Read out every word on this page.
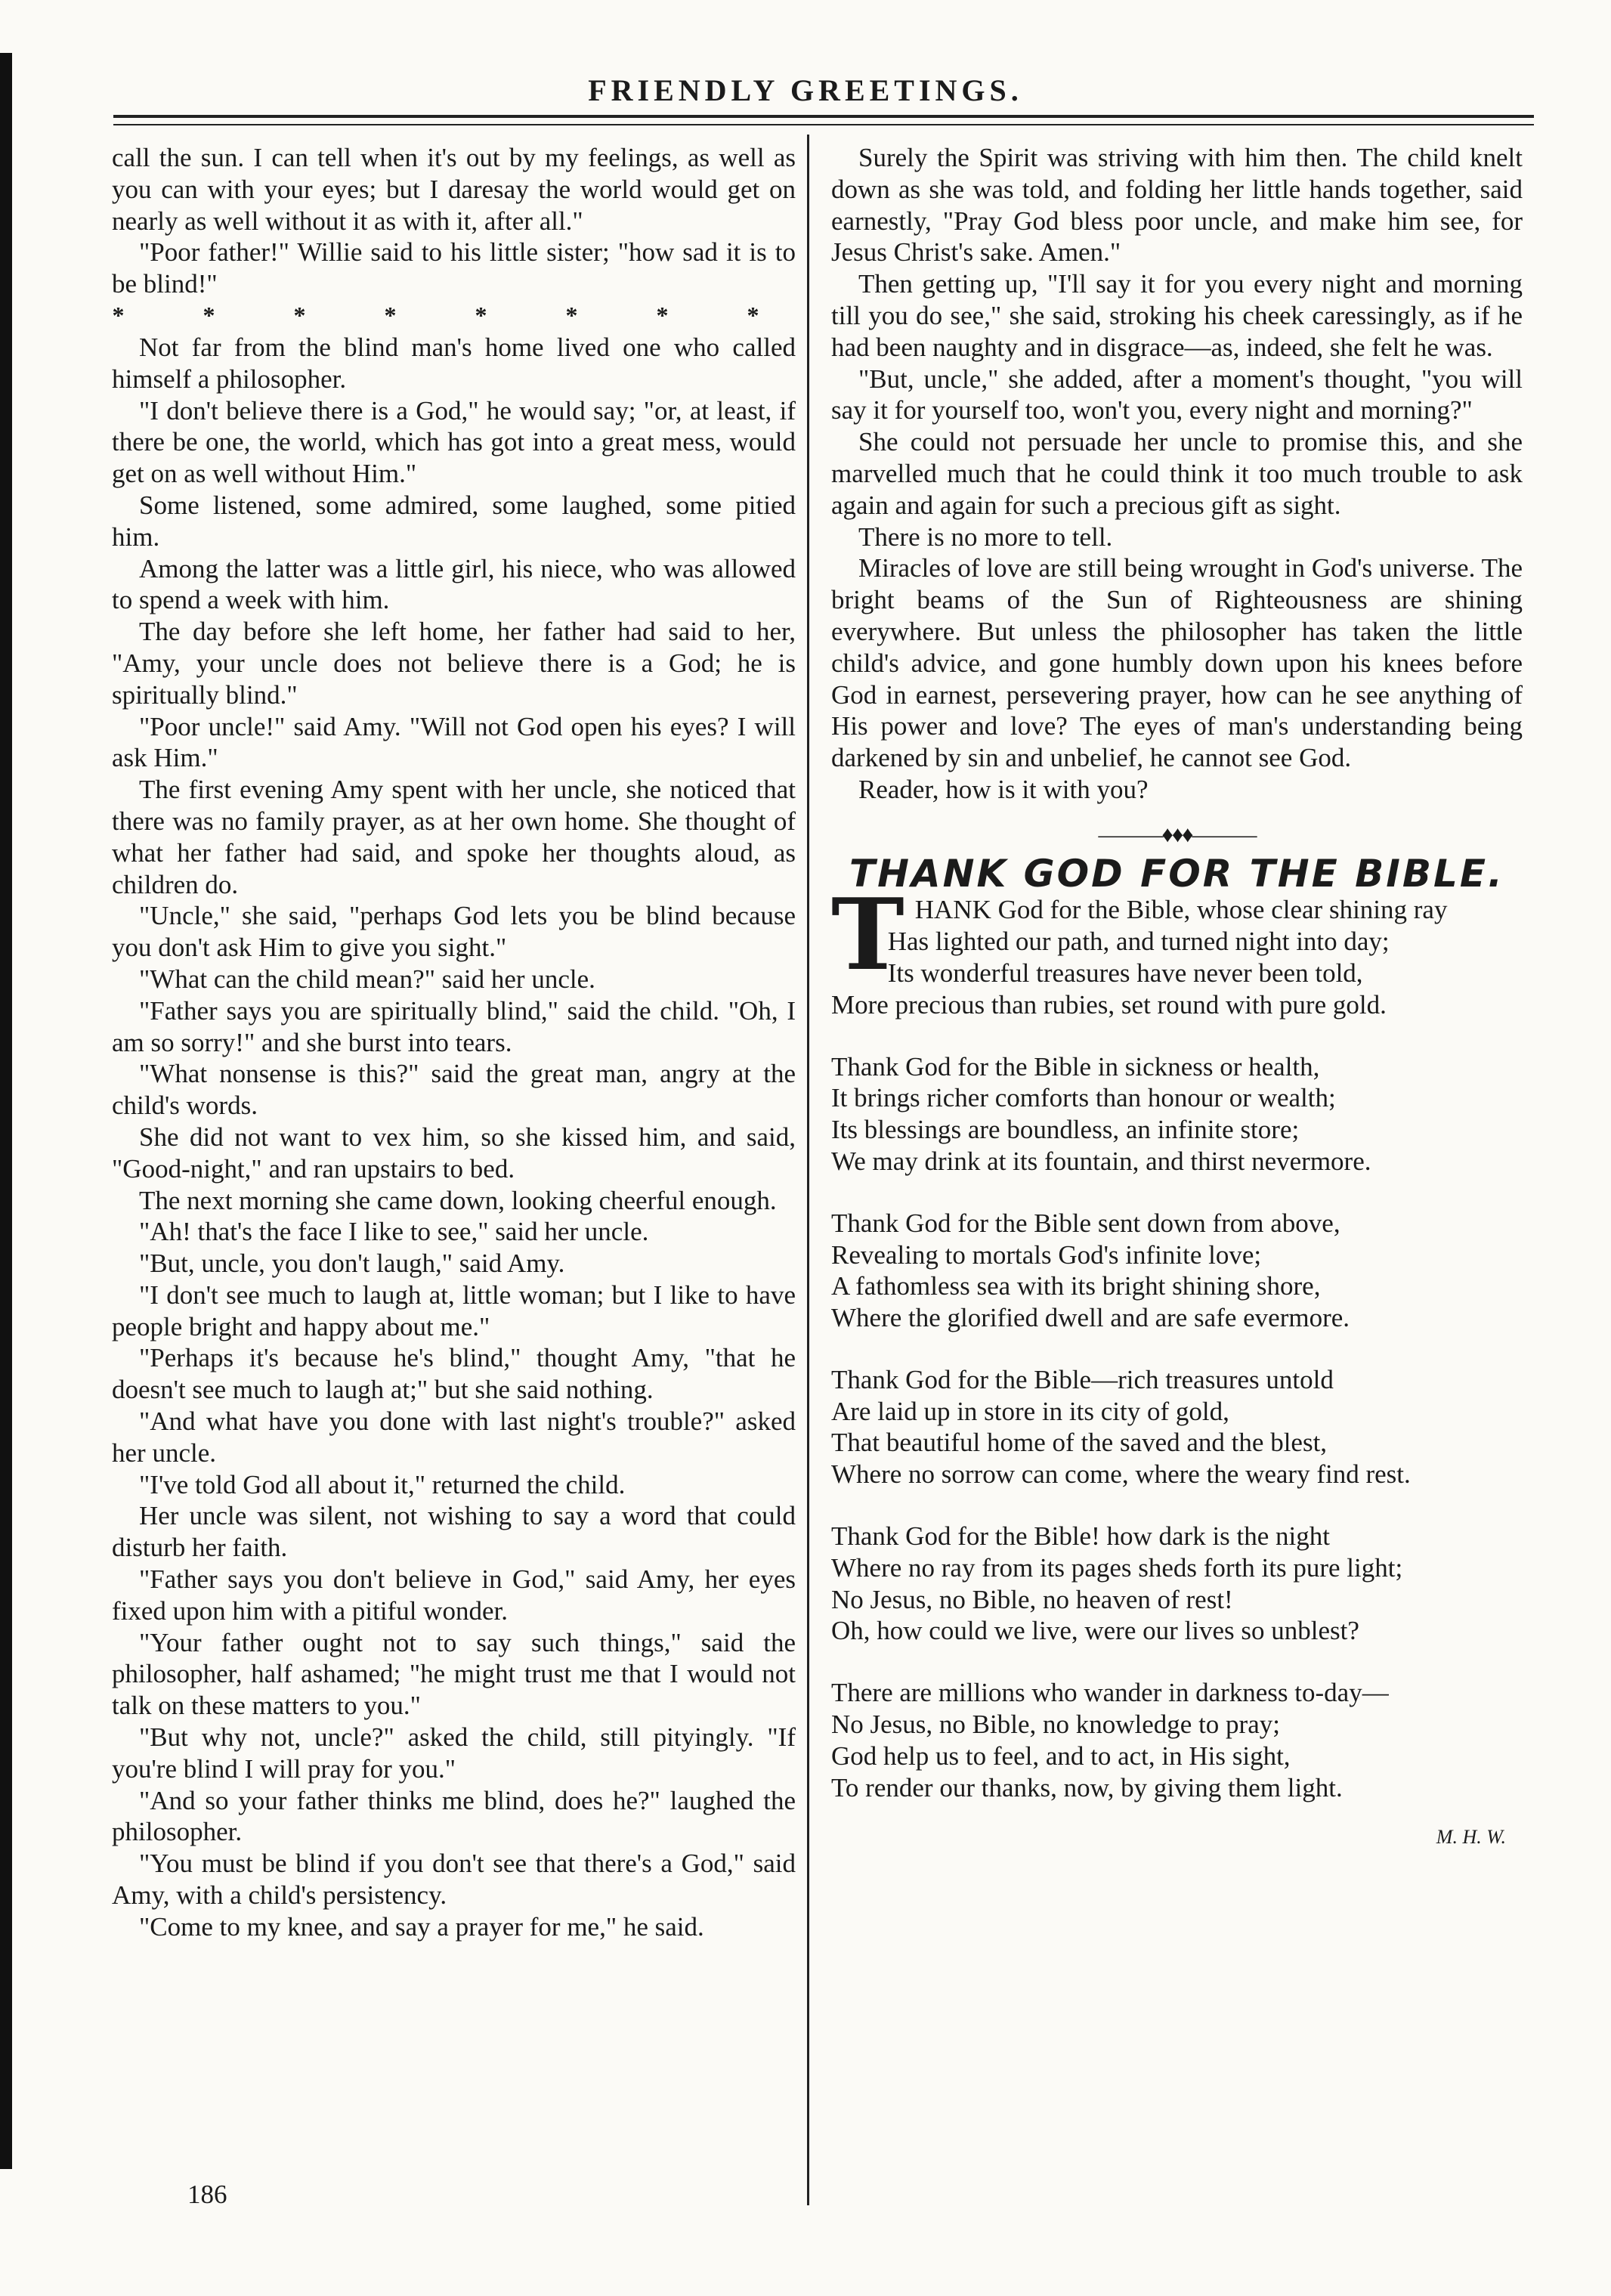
FRIENDLY GREETINGS.

call the sun. I can tell when it's out by my feelings, as well as you can with your eyes; but I daresay the world would get on nearly as well without it as with it, after all."

"Poor father!" Willie said to his little sister; "how sad it is to be blind!"

* * * * * * * *

Not far from the blind man's home lived one who called himself a philosopher.

"I don't believe there is a God," he would say; "or, at least, if there be one, the world, which has got into a great mess, would get on as well without Him."

Some listened, some admired, some laughed, some pitied him.

Among the latter was a little girl, his niece, who was allowed to spend a week with him.

The day before she left home, her father had said to her, "Amy, your uncle does not believe there is a God; he is spiritually blind."

"Poor uncle!" said Amy. "Will not God open his eyes? I will ask Him."

The first evening Amy spent with her uncle, she noticed that there was no family prayer, as at her own home. She thought of what her father had said, and spoke her thoughts aloud, as children do.

"Uncle," she said, "perhaps God lets you be blind because you don't ask Him to give you sight."

"What can the child mean?" said her uncle.

"Father says you are spiritually blind," said the child. "Oh, I am so sorry!" and she burst into tears.

"What nonsense is this?" said the great man, angry at the child's words.

She did not want to vex him, so she kissed him, and said, "Good-night," and ran upstairs to bed.

The next morning she came down, looking cheerful enough.

"Ah! that's the face I like to see," said her uncle.

"But, uncle, you don't laugh," said Amy.

"I don't see much to laugh at, little woman; but I like to have people bright and happy about me."

"Perhaps it's because he's blind," thought Amy, "that he doesn't see much to laugh at;" but she said nothing.

"And what have you done with last night's trouble?" asked her uncle.

"I've told God all about it," returned the child.

Her uncle was silent, not wishing to say a word that could disturb her faith.

"Father says you don't believe in God," said Amy, her eyes fixed upon him with a pitiful wonder.

"Your father ought not to say such things," said the philosopher, half ashamed; "he might trust me that I would not talk on these matters to you."

"But why not, uncle?" asked the child, still pityingly. "If you're blind I will pray for you."

"And so your father thinks me blind, does he?" laughed the philosopher.

"You must be blind if you don't see that there's a God," said Amy, with a child's persistency.

"Come to my knee, and say a prayer for me," he said.

Surely the Spirit was striving with him then. The child knelt down as she was told, and folding her little hands together, said earnestly, "Pray God bless poor uncle, and make him see, for Jesus Christ's sake. Amen."

Then getting up, "I'll say it for you every night and morning till you do see," she said, stroking his cheek caressingly, as if he had been naughty and in disgrace—as, indeed, she felt he was.

"But, uncle," she added, after a moment's thought, "you will say it for yourself too, won't you, every night and morning?"

She could not persuade her uncle to promise this, and she marvelled much that he could think it too much trouble to ask again and again for such a precious gift as sight.

There is no more to tell.

Miracles of love are still being wrought in God's universe. The bright beams of the Sun of Righteousness are shining everywhere. But unless the philosopher has taken the little child's advice, and gone humbly down upon his knees before God in earnest, persevering prayer, how can he see anything of His power and love? The eyes of man's understanding being darkened by sin and unbelief, he cannot see God.

Reader, how is it with you?

———♦♦♦———
THANK GOD FOR THE BIBLE.
T HANK God for the Bible, whose clear shining ray

Has lighted our path, and turned night into day;

Its wonderful treasures have never been told,

More precious than rubies, set round with pure gold.

Thank God for the Bible in sickness or health,

It brings richer comforts than honour or wealth;

Its blessings are boundless, an infinite store;

We may drink at its fountain, and thirst nevermore.

Thank God for the Bible sent down from above,

Revealing to mortals God's infinite love;

A fathomless sea with its bright shining shore,

Where the glorified dwell and are safe evermore.

Thank God for the Bible—rich treasures untold

Are laid up in store in its city of gold,

That beautiful home of the saved and the blest,

Where no sorrow can come, where the weary find rest.

Thank God for the Bible! how dark is the night

Where no ray from its pages sheds forth its pure light;

No Jesus, no Bible, no heaven of rest!

Oh, how could we live, were our lives so unblest?

There are millions who wander in darkness to-day—

No Jesus, no Bible, no knowledge to pray;

God help us to feel, and to act, in His sight,

To render our thanks, now, by giving them light.

M. H. W.
186
